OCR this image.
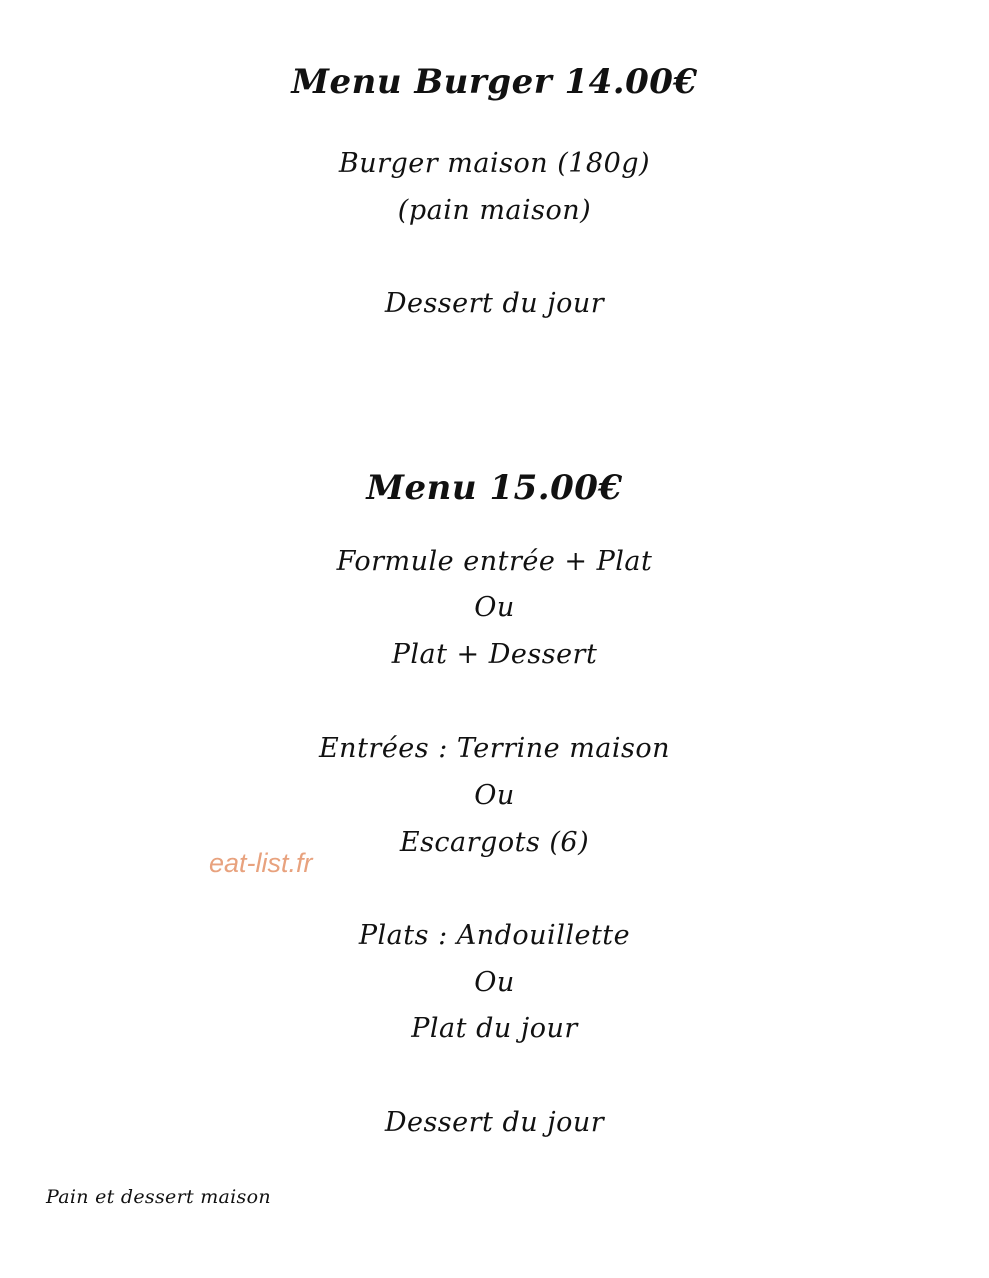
Menu Burger 14.00€
Burger maison (180g)
(pain maison)
Dessert du jour
Menu 15.00€
Formule entrée + Plat
Ou
Plat + Dessert
Entrées : Terrine maison
Ou
Escargots (6)
Plats : Andouillette
Ou
Plat du jour
Dessert du jour
eat-list.fr
Pain et dessert maison
